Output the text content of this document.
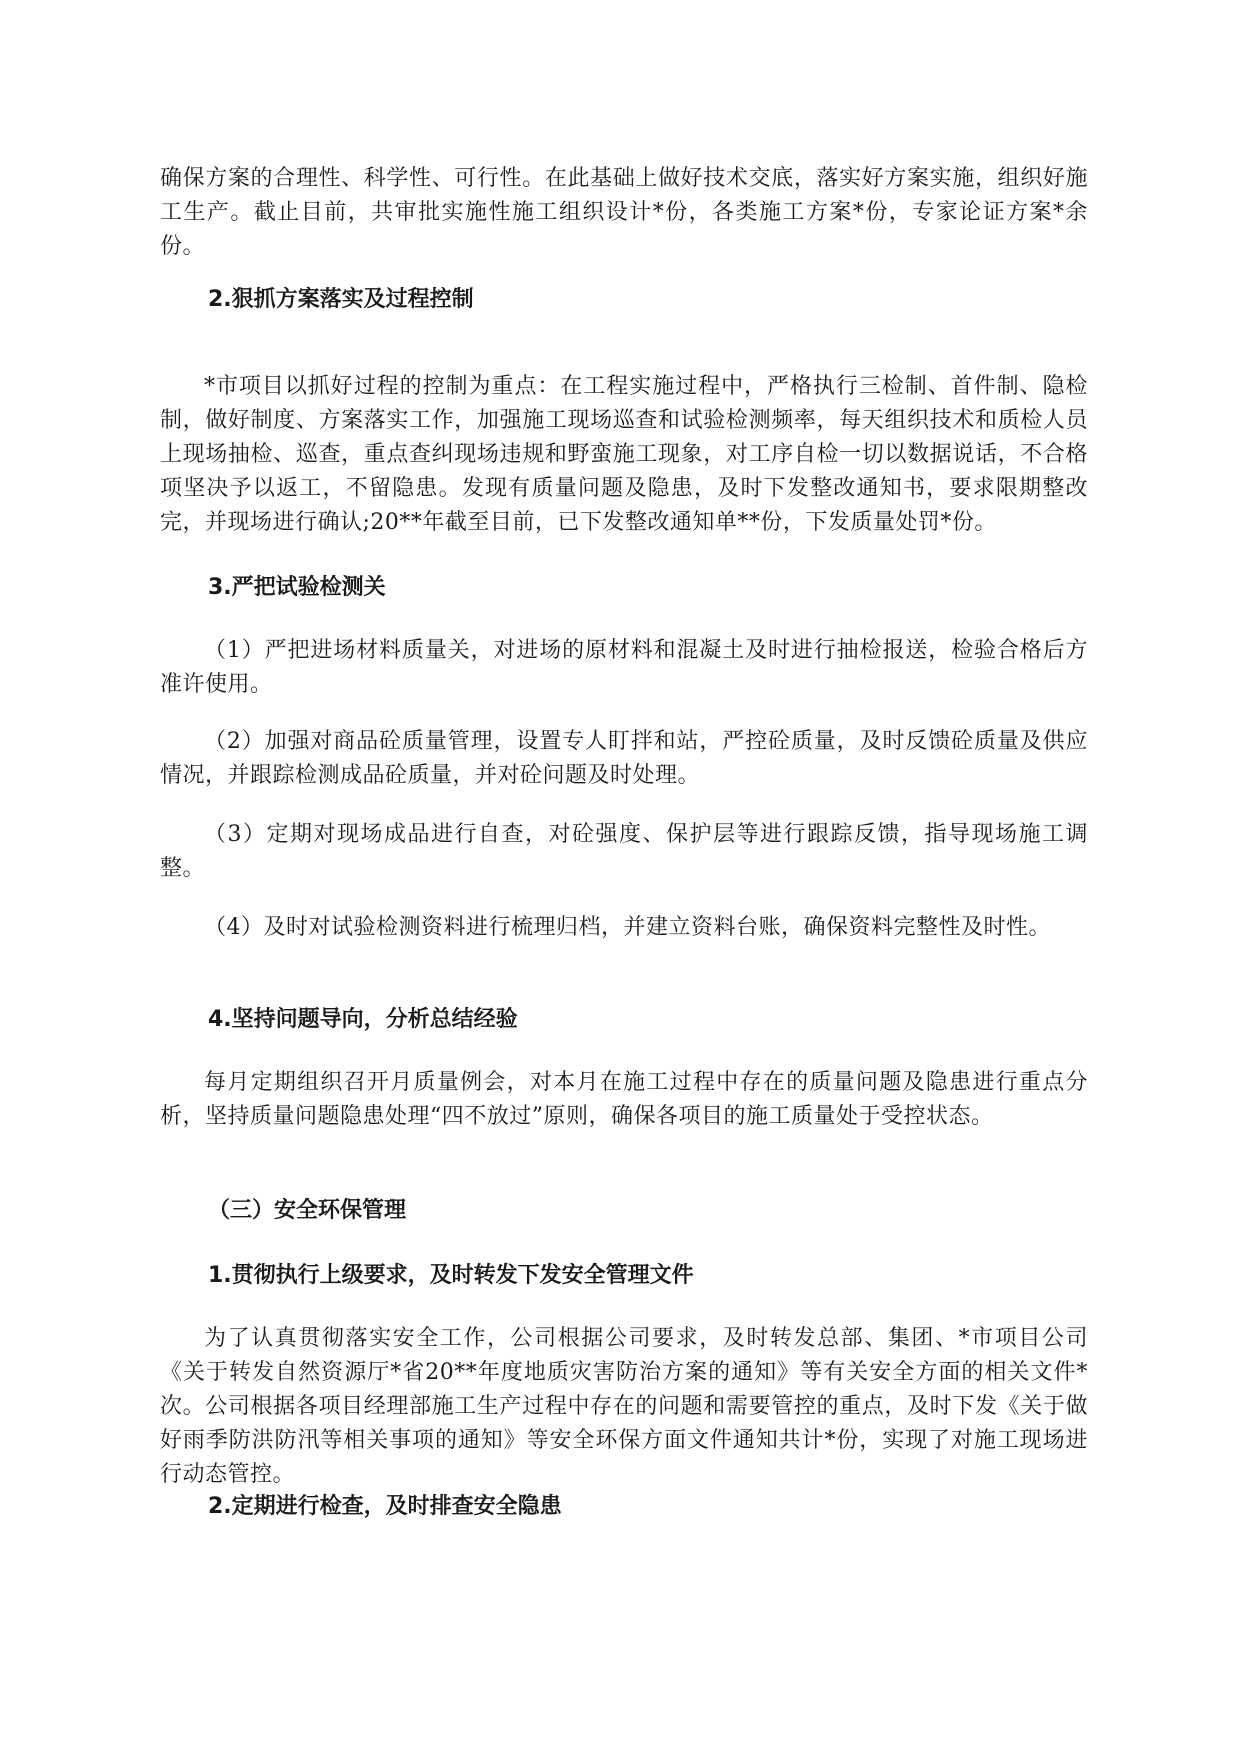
确保方案的合理性、科学性、可行性。在此基础上做好技术交底，落实好方案实施，组织好施工生产。截止目前，共审批实施性施工组织设计*份，各类施工方案*份，专家论证方案*余份。
2.狠抓方案落实及过程控制
*市项目以抓好过程的控制为重点：在工程实施过程中，严格执行三检制、首件制、隐检制，做好制度、方案落实工作，加强施工现场巡查和试验检测频率，每天组织技术和质检人员上现场抽检、巡查，重点查纠现场违规和野蛮施工现象，对工序自检一切以数据说话，不合格项坚决予以返工，不留隐患。发现有质量问题及隐患，及时下发整改通知书，要求限期整改完，并现场进行确认;20**年截至目前，已下发整改通知单**份，下发质量处罚*份。
3.严把试验检测关
（1）严把进场材料质量关，对进场的原材料和混凝土及时进行抽检报送，检验合格后方准许使用。
（2）加强对商品砼质量管理，设置专人盯拌和站，严控砼质量，及时反馈砼质量及供应情况，并跟踪检测成品砼质量，并对砼问题及时处理。
（3）定期对现场成品进行自查，对砼强度、保护层等进行跟踪反馈，指导现场施工调整。
（4）及时对试验检测资料进行梳理归档，并建立资料台账，确保资料完整性及时性。
4.坚持问题导向，分析总结经验
每月定期组织召开月质量例会，对本月在施工过程中存在的质量问题及隐患进行重点分析，坚持质量问题隐患处理“四不放过”原则，确保各项目的施工质量处于受控状态。
（三）安全环保管理
1.贯彻执行上级要求，及时转发下发安全管理文件
为了认真贯彻落实安全工作，公司根据公司要求，及时转发总部、集团、*市项目公司《关于转发自然资源厅*省20**年度地质灾害防治方案的通知》等有关安全方面的相关文件*次。公司根据各项目经理部施工生产过程中存在的问题和需要管控的重点，及时下发《关于做好雨季防洪防汛等相关事项的通知》等安全环保方面文件通知共计*份，实现了对施工现场进行动态管控。
2.定期进行检查，及时排查安全隐患
